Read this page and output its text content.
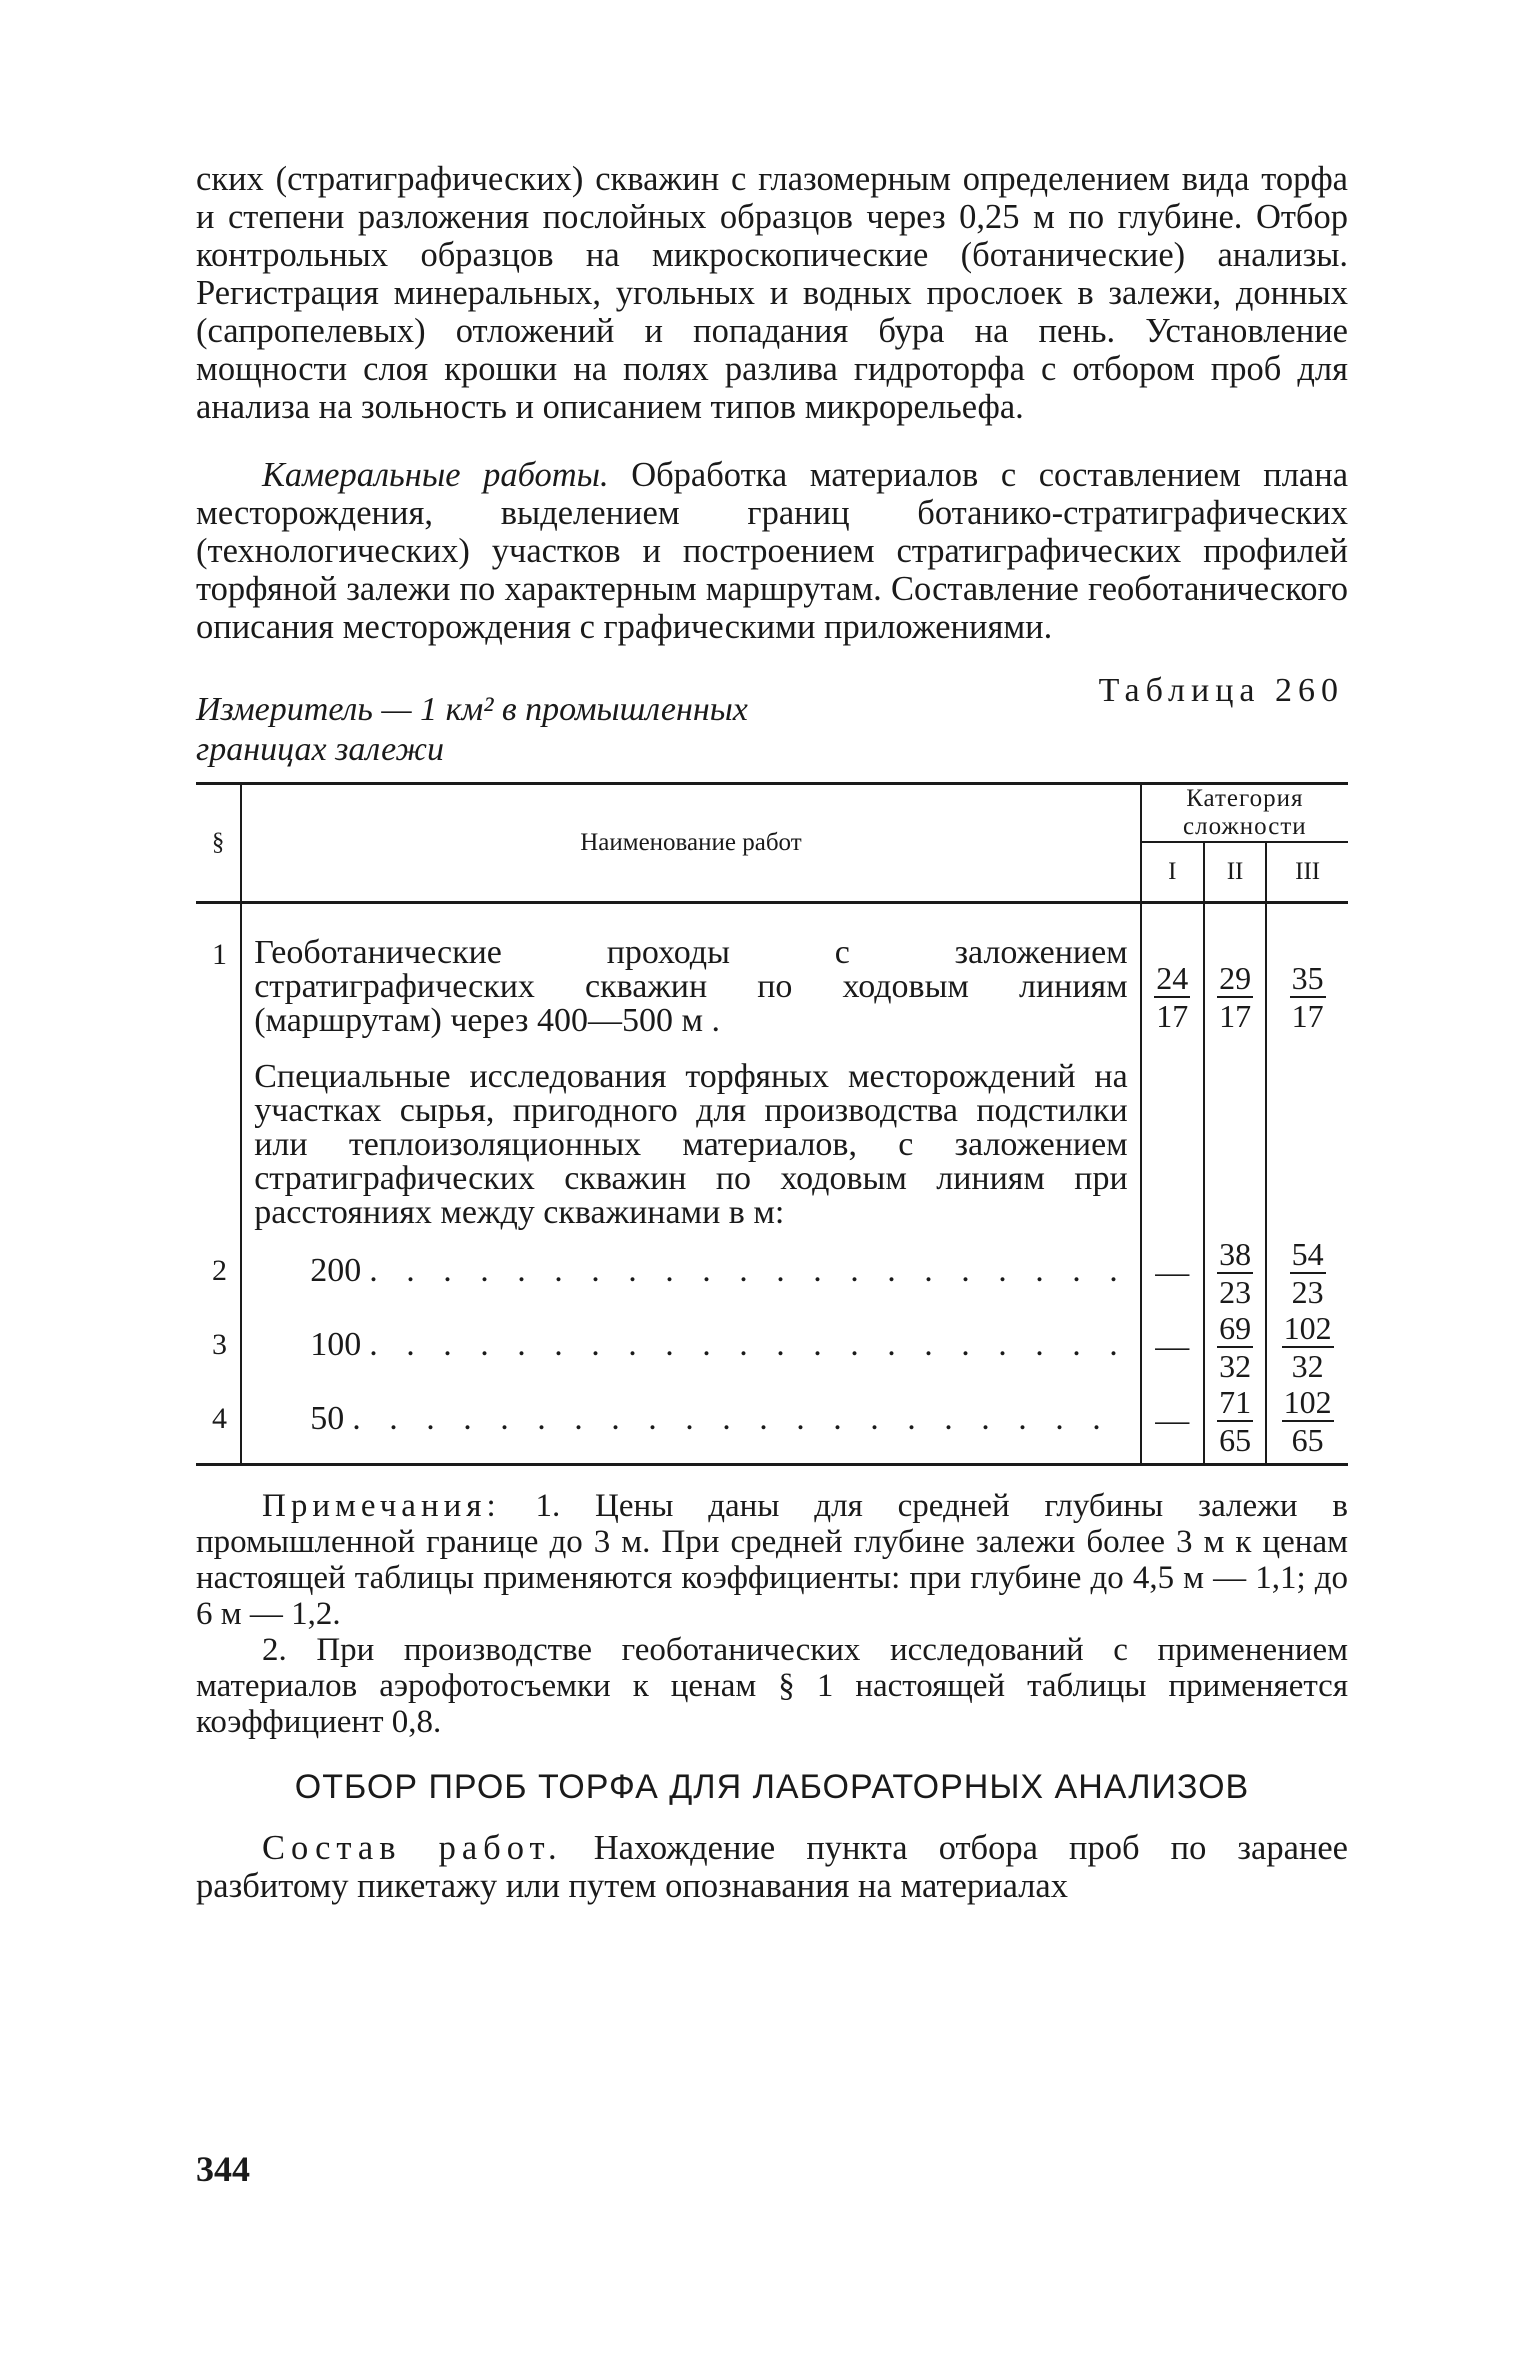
ских (стратиграфических) скважин с глазомерным определением вида торфа и степени разложения послойных образцов через 0,25 м по глубине. Отбор контрольных образцов на микроскопические (ботанические) анализы. Регистрация минеральных, угольных и водных прослоек в залежи, донных (сапропелевых) отложений и попадания бура на пень. Установление мощности слоя крошки на полях разлива гидроторфа с отбором проб для анализа на зольность и описанием типов микрорельефа.

Камеральные работы. Обработка материалов с составлением плана месторождения, выделением границ ботанико-стратиграфических (технологических) участков и построением стратиграфических профилей торфяной залежи по характерным маршрутам. Составление геоботанического описания месторождения с графическими приложениями.

Измеритель — 1 км² в промышленных
границах залежи
Таблица 260
§	Наименование работ	Категория сложности		
		I	II	III
1	Геоботанические проходы с заложением стратиграфических скважин по ходовым линиям (маршрутам) через 400—500 м .	$\frac{24}{17}$	$\frac{29}{17}$	$\frac{35}{17}$

	Специальные исследования торфяных месторождений на участках сырья, пригодного для производства подстилки или теплоизоляционных материалов, с заложением стратиграфических скважин по ходовым линиям при расстояниях между скважинами в м:			
2	200 . . . . . . . . . . . . . . . . . . . . .	—	$\frac{38}{23}$	$\frac{54}{23}$

3	100 . . . . . . . . . . . . . . . . . . . . .	—	$\frac{69}{32}$	$\frac{102}{32}$

4	50 . . . . . . . . . . . . . . . . . . . . .	—	$\frac{71}{65}$	$\frac{102}{65}$

Примечания: 1. Цены даны для средней глубины залежи в промышленной границе до 3 м. При средней глубине залежи более 3 м к ценам настоящей таблицы применяются коэффициенты: при глубине до 4,5 м — 1,1; до 6 м — 1,2.

2. При производстве геоботанических исследований с применением материалов аэрофотосъемки к ценам § 1 настоящей таблицы применяется коэффициент 0,8.

ОТБОР ПРОБ ТОРФА ДЛЯ ЛАБОРАТОРНЫХ АНАЛИЗОВ

Состав работ. Нахождение пункта отбора проб по заранее разбитому пикетажу или путем опознавания на материалах

344
